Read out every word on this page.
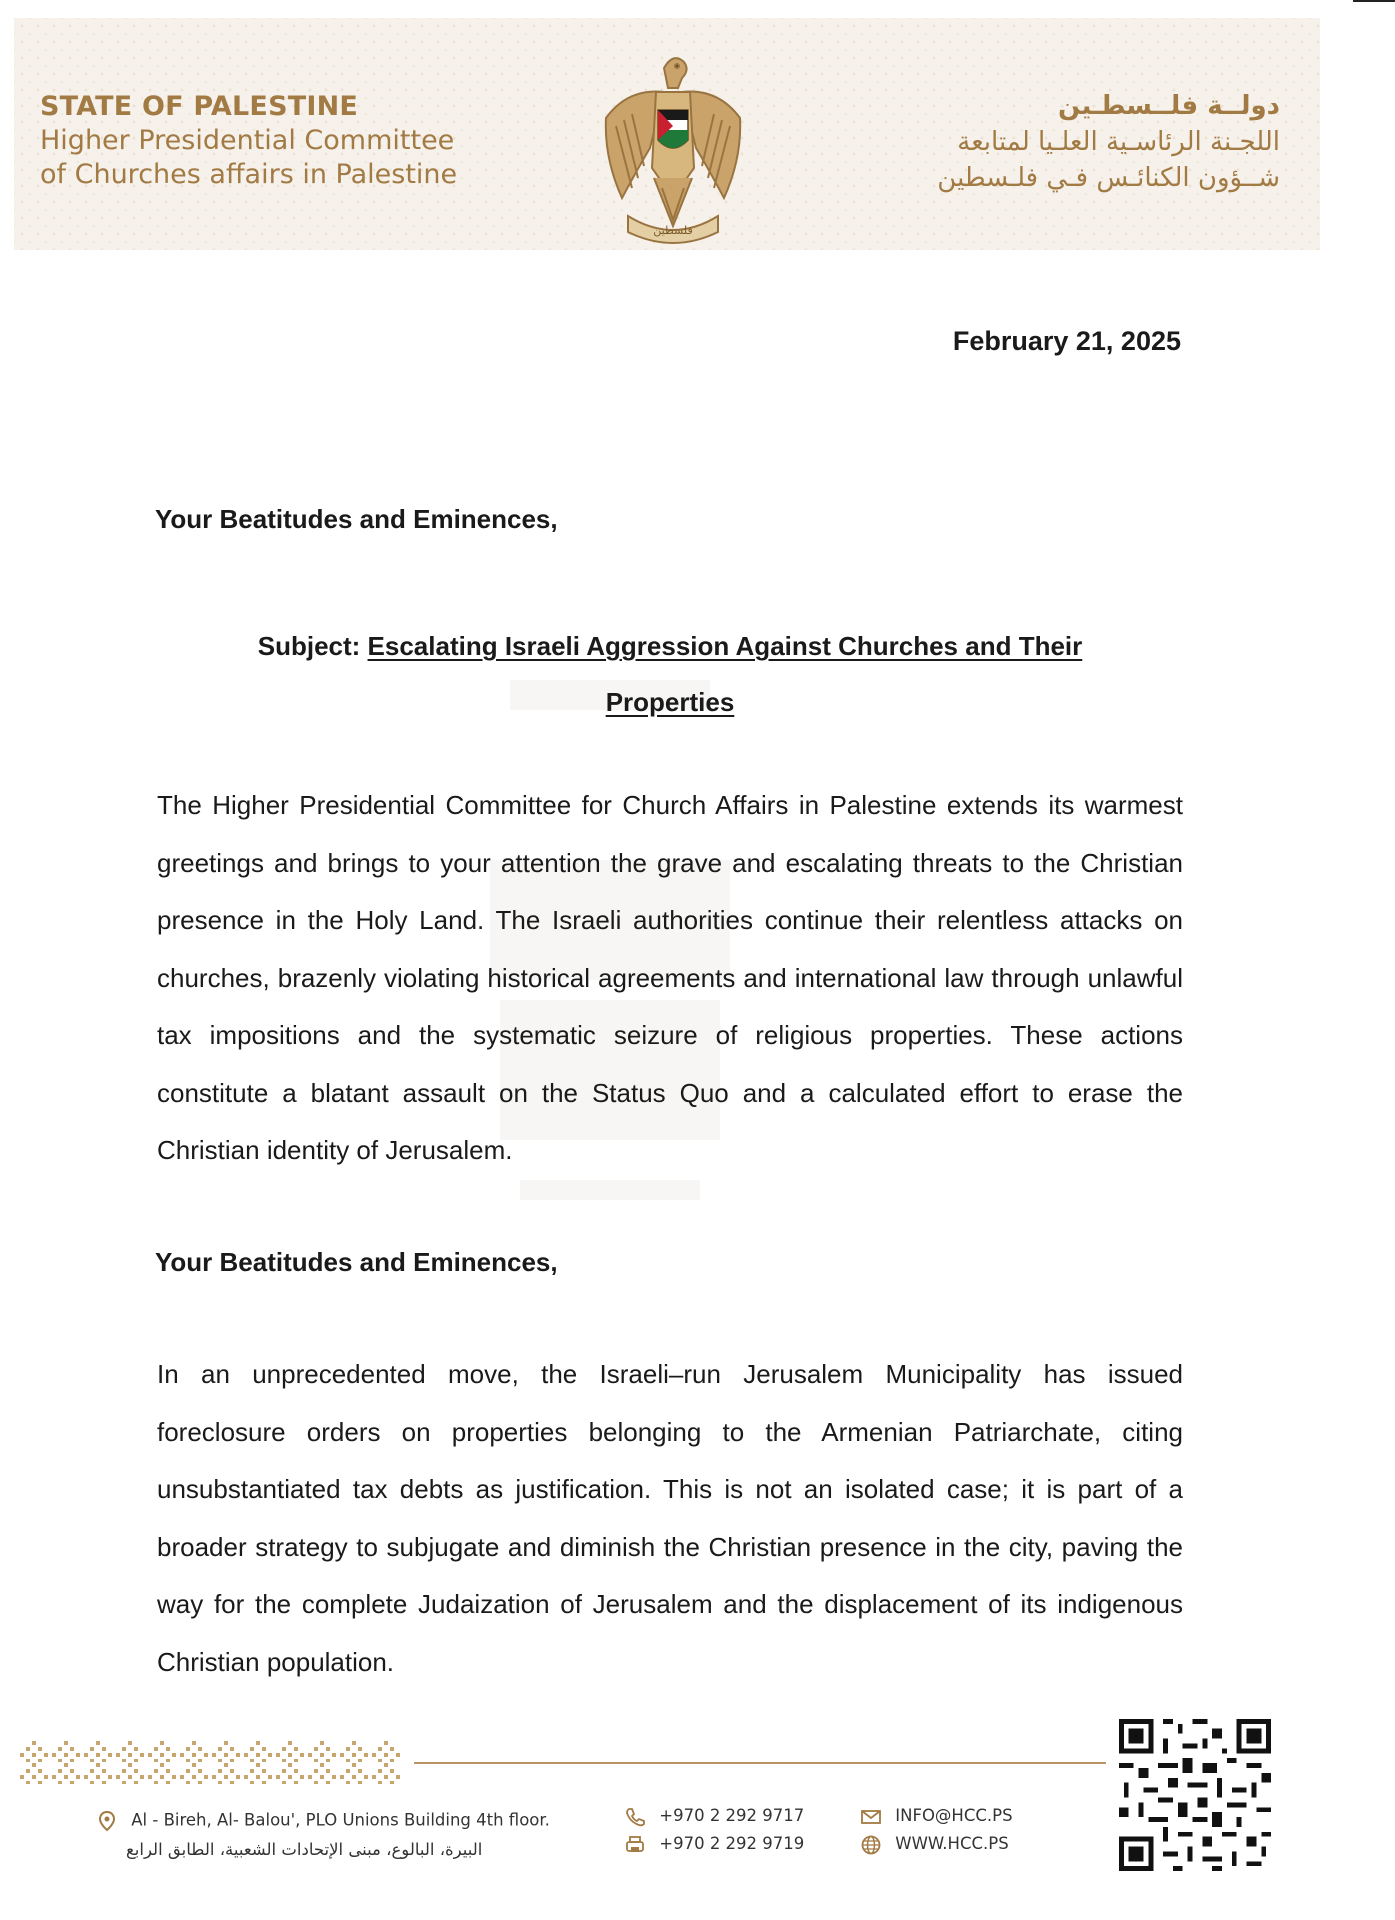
STATE OF PALESTINE
Higher Presidential Committee
of Churches affairs in Palestine
فلسطين
دولــة فلــسطـين
اللجـنة الرئاسـية العلـيا لمتابعة
شــؤون الكنائـس فـي فلـسطين
February 21, 2025
Your Beatitudes and Eminences,
Subject: Escalating Israeli Aggression Against Churches and Their
Properties

The Higher Presidential Committee for Church Affairs in Palestine extends its warmest greetings and brings to your attention the grave and escalating threats to the Christian presence in the Holy Land. The Israeli authorities continue their relentless attacks on churches, brazenly violating historical agreements and international law through unlawful tax impositions and the systematic seizure of religious properties. These actions constitute a blatant assault on the Status Quo and a calculated effort to erase the Christian identity of Jerusalem.

Your Beatitudes and Eminences,

In an unprecedented move, the Israeli–run Jerusalem Municipality has issued foreclosure orders on properties belonging to the Armenian Patriarchate, citing unsubstantiated tax debts as justification. This is not an isolated case; it is part of a broader strategy to subjugate and diminish the Christian presence in the city, paving the way for the complete Judaization of Jerusalem and the displacement of its indigenous Christian population.

Al - Bireh, Al- Balou', PLO Unions Building 4th floor.
البيرة، البالوع، مبنى الإتحادات الشعبية، الطابق الرابع
+970 2 292 9717
+970 2 292 9719
INFO@HCC.PS
WWW.HCC.PS
